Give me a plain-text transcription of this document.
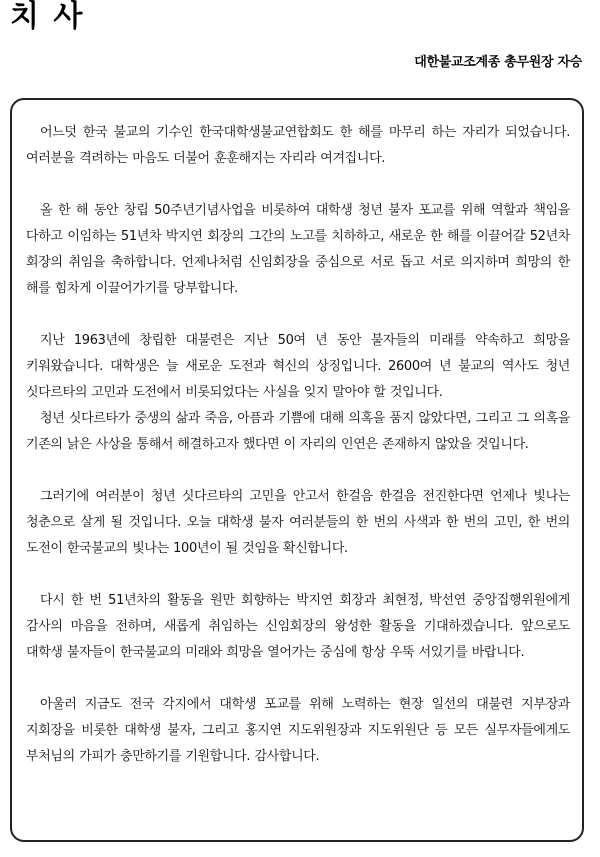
치 사
대한불교조계종 총무원장 자승

어느덧 한국 불교의 기수인 한국대학생불교연합회도 한 해를 마무리 하는 자리가 되었습니다. 여러분을 격려하는 마음도 더불어 훈훈해지는 자리라 여겨집니다.

올 한 해 동안 창립 50주년기념사업을 비롯하여 대학생 청년 불자 포교를 위해 역할과 책임을 다하고 이임하는 51년차 박지연 회장의 그간의 노고를 치하하고, 새로운 한 해를 이끌어갈 52년차 회장의 취임을 축하합니다. 언제나처럼 신임회장을 중심으로 서로 돕고 서로 의지하며 희망의 한 해를 힘차게 이끌어가기를 당부합니다.

지난 1963년에 창립한 대불련은 지난 50여 년 동안 불자들의 미래를 약속하고 희망을 키워왔습니다. 대학생은 늘 새로운 도전과 혁신의 상징입니다. 2600여 년 불교의 역사도 청년 싯다르타의 고민과 도전에서 비롯되었다는 사실을 잊지 말아야 할 것입니다.

청년 싯다르타가 중생의 삶과 죽음, 아픔과 기쁨에 대해 의혹을 품지 않았다면, 그리고 그 의혹을 기존의 낡은 사상을 통해서 해결하고자 했다면 이 자리의 인연은 존재하지 않았을 것입니다.

그러기에 여러분이 청년 싯다르타의 고민을 안고서 한걸음 한걸음 전진한다면 언제나 빛나는 청춘으로 살게 될 것입니다. 오늘 대학생 불자 여러분들의 한 번의 사색과 한 번의 고민, 한 번의 도전이 한국불교의 빛나는 100년이 될 것임을 확신합니다.

다시 한 번 51년차의 활동을 원만 회향하는 박지연 회장과 최현정, 박선연 중앙집행위원에게 감사의 마음을 전하며, 새롭게 취임하는 신임회장의 왕성한 활동을 기대하겠습니다. 앞으로도 대학생 불자들이 한국불교의 미래와 희망을 열어가는 중심에 항상 우뚝 서있기를 바랍니다.

아울러 지금도 전국 각지에서 대학생 포교를 위해 노력하는 현장 일선의 대불련 지부장과 지회장을 비롯한 대학생 불자, 그리고 홍지연 지도위원장과 지도위원단 등 모든 실무자들에게도 부처님의 가피가 충만하기를 기원합니다. 감사합니다.
